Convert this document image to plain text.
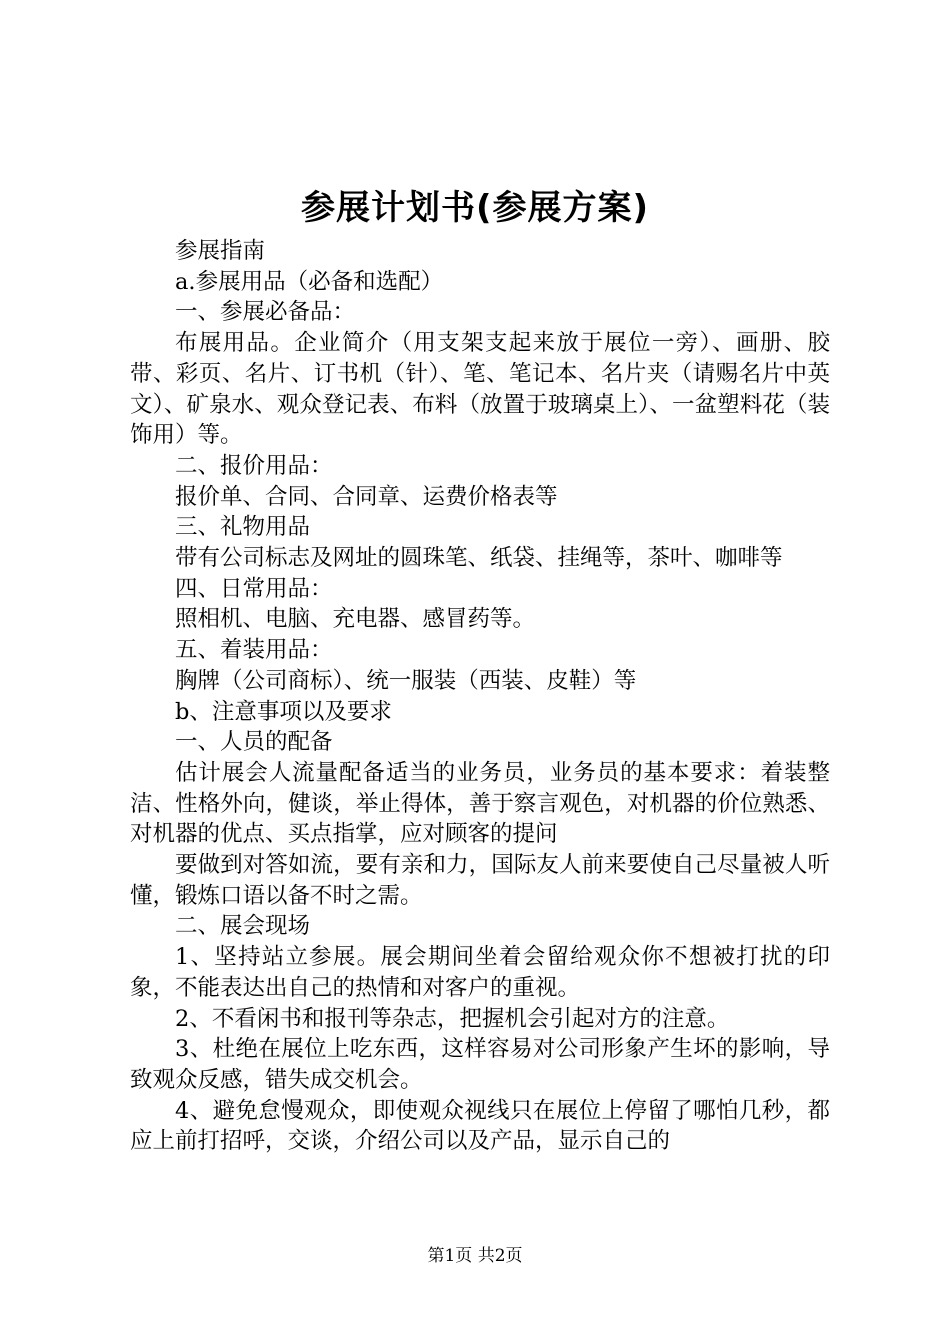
参展计划书(参展方案)

参展指南

a.参展用品（必备和选配）

一、参展必备品：

布展用品。企业简介（用支架支起来放于展位一旁）、画册、胶带、彩页、名片、订书机（针）、笔、笔记本、名片夹（请赐名片中英文）、矿泉水、观众登记表、布料（放置于玻璃桌上）、一盆塑料花（装饰用）等。

二、报价用品：

报价单、合同、合同章、运费价格表等

三、礼物用品

带有公司标志及网址的圆珠笔、纸袋、挂绳等，茶叶、咖啡等

四、日常用品：

照相机、电脑、充电器、感冒药等。

五、着装用品：

胸牌（公司商标）、统一服装（西装、皮鞋）等

b、注意事项以及要求

一、人员的配备

估计展会人流量配备适当的业务员，业务员的基本要求：着装整洁、性格外向，健谈，举止得体，善于察言观色，对机器的价位熟悉、对机器的优点、买点指掌，应对顾客的提问

要做到对答如流，要有亲和力，国际友人前来要使自己尽量被人听懂，锻炼口语以备不时之需。

二、展会现场

1、坚持站立参展。展会期间坐着会留给观众你不想被打扰的印象，不能表达出自己的热情和对客户的重视。

2、不看闲书和报刊等杂志，把握机会引起对方的注意。

3、杜绝在展位上吃东西，这样容易对公司形象产生坏的影响，导致观众反感，错失成交机会。

4、避免怠慢观众，即使观众视线只在展位上停留了哪怕几秒，都应上前打招呼，交谈，介绍公司以及产品，显示自己的

第1页 共2页
